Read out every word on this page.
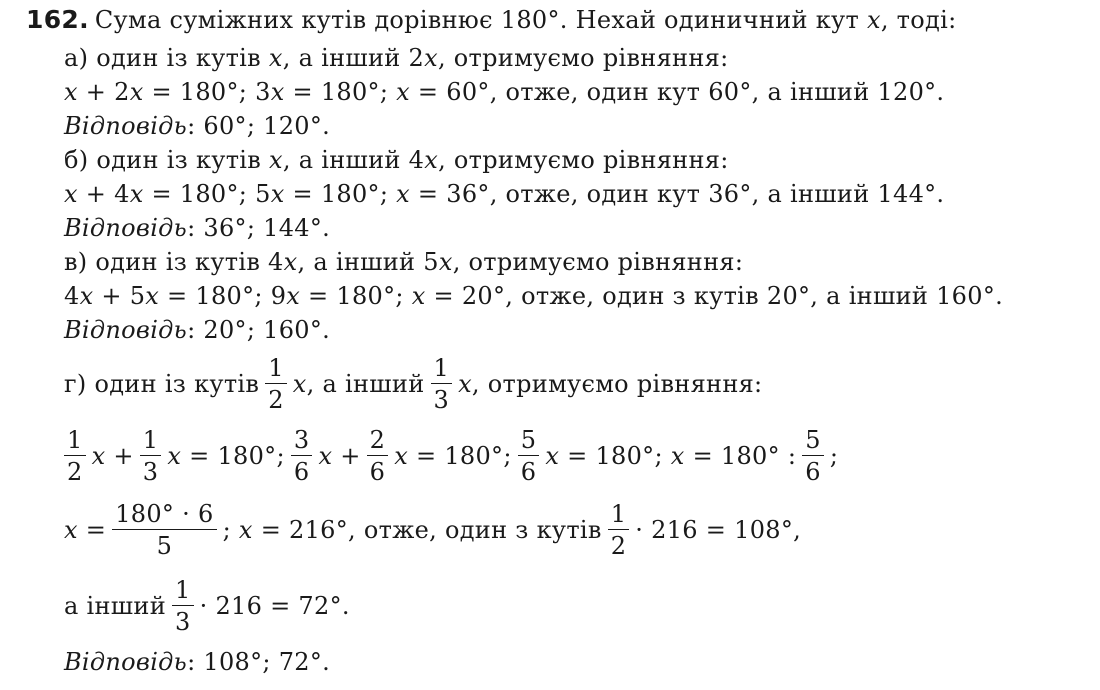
162. Сума суміжних кутів дорівнює 180°. Нехай одиничний кут x, тоді:
а) один із кутів x, а інший 2x, отримуємо рівняння:
x + 2x = 180°; 3x = 180°; x = 60°, отже, один кут 60°, а інший 120°.
Відповідь: 60°; 120°.
б) один із кутів x, а інший 4x, отримуємо рівняння:
x + 4x = 180°; 5x = 180°; x = 36°, отже, один кут 36°, а інший 144°.
Відповідь: 36°; 144°.
в) один із кутів 4x, а інший 5x, отримуємо рівняння:
4x + 5x = 180°; 9x = 180°; x = 20°, отже, один з кутів 20°, а інший 160°.
Відповідь: 20°; 160°.
г) один із кутів $\frac{1}{2}$ x , а інший $\frac{1}{3}$ x , отримуємо рівняння:
$\frac{1}{2}$ x
+ $\frac{1}{3}$ x
= 180°; $\frac{3}{6}$ x
+ $\frac{2}{6}$ x
= 180°; $\frac{5}{6}$ x
= 180°;
x
= 180° : $\frac{5}{6}$ ;
x
= $\frac{180^\circ \cdot 6}{5}$ ;
x
= 216°, отже, один з кутів $\frac{1}{2} \cdot 216 = 108^\circ$,
а інший $\frac{1}{3} \cdot 216 = 72^\circ$.
Відповідь: 108°; 72°.
